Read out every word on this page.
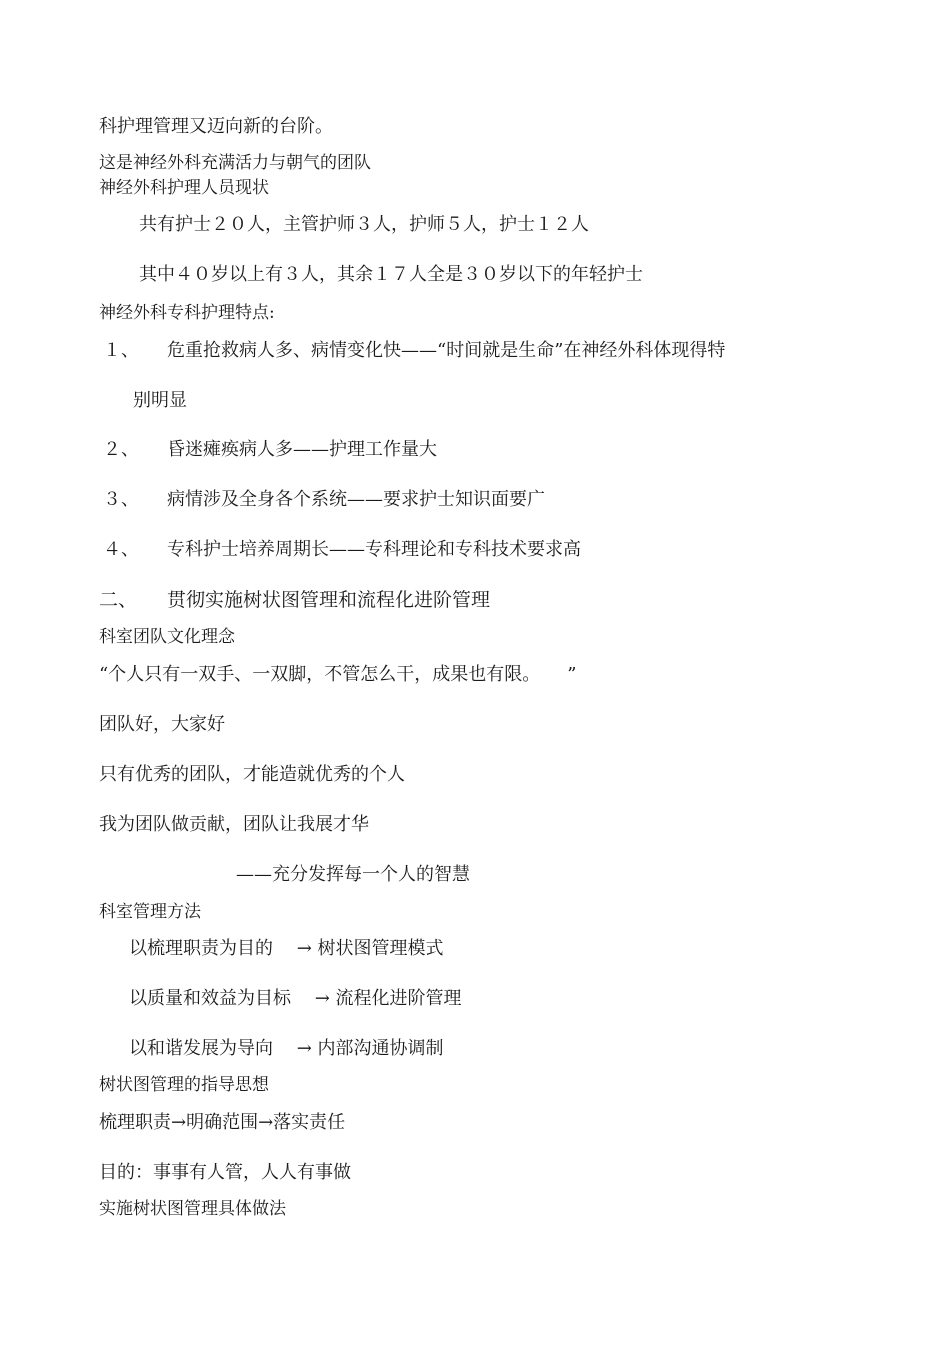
科护理管理又迈向新的台阶。
这是神经外科充满活力与朝气的团队
神经外科护理人员现状
共有护士２０人，主管护师３人，护师５人，护士１２人
其中４０岁以上有３人，其余１７人全是３０岁以下的年轻护士
神经外科专科护理特点:
１、 危重抢救病人多、病情变化快——“时间就是生命”在神经外科体现得特
别明显
２、 昏迷瘫痪病人多——护理工作量大
３、 病情涉及全身各个系统——要求护士知识面要广
４、 专科护士培养周期长——专科理论和专科技术要求高
二、 贯彻实施树状图管理和流程化进阶管理
科室团队文化理念
“个人只有一双手、一双脚，不管怎么干，成果也有限。　　”
团队好，大家好
只有优秀的团队，才能造就优秀的个人
我为团队做贡献，团队让我展才华
——充分发挥每一个人的智慧
科室管理方法
以梳理职责为目的　 → 树状图管理模式
以质量和效益为目标　 → 流程化进阶管理
以和谐发展为导向　 → 内部沟通协调制
树状图管理的指导思想
梳理职责→明确范围→落实责任
目的：事事有人管，人人有事做
实施树状图管理具体做法
